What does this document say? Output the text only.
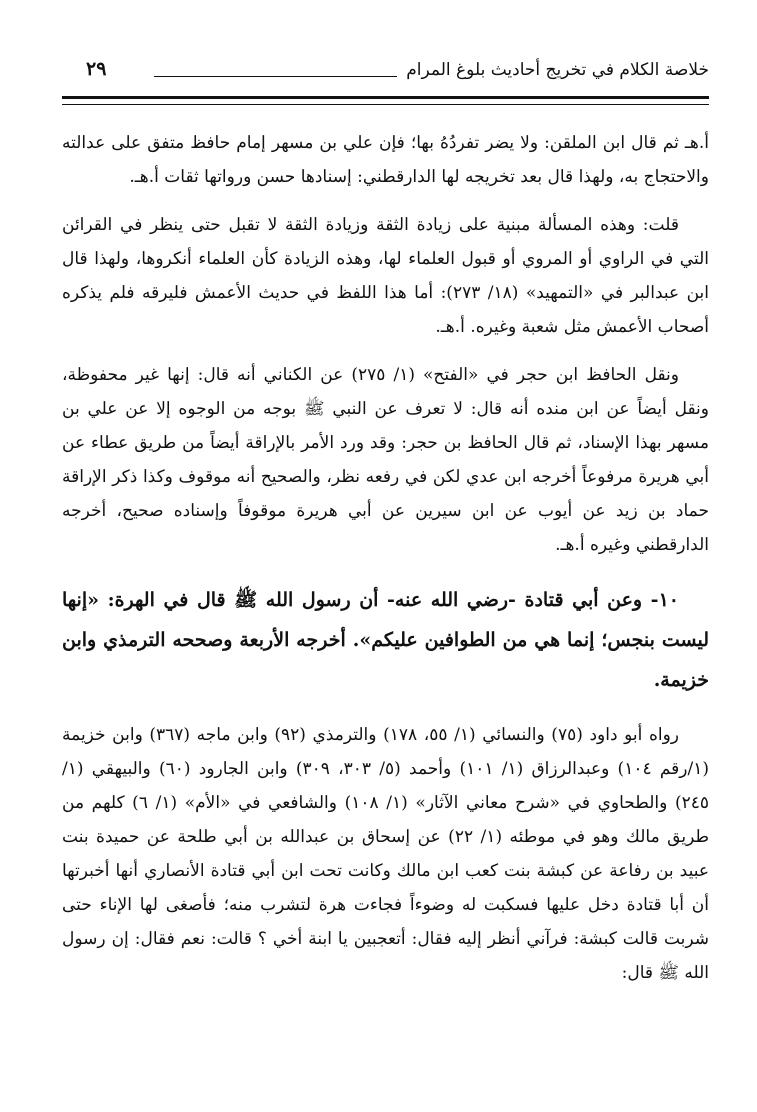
خلاصة الكلام في تخريج أحاديث بلوغ المرام
٢٩

أ.هـ ثم قال ابن الملقن: ولا يضر تفردُهُ بها؛ فإن علي بن مسهر إمام حافظ متفق على عدالته والاحتجاج به، ولهذا قال بعد تخريجه لها الدارقطني: إسنادها حسن ورواتها ثقات أ.هـ.

قلت: وهذه المسألة مبنية على زيادة الثقة وزيادة الثقة لا تقبل حتى ينظر في القرائن التي في الراوي أو المروي أو قبول العلماء لها، وهذه الزيادة كأن العلماء أنكروها، ولهذا قال ابن عبدالبر في «التمهيد» (١٨/ ٢٧٣): أما هذا اللفظ في حديث الأعمش فليرقه فلم يذكره أصحاب الأعمش مثل شعبة وغيره. أ.هـ.

ونقل الحافظ ابن حجر في «الفتح» (١/ ٢٧٥) عن الكناني أنه قال: إنها غير محفوظة، ونقل أيضاً عن ابن منده أنه قال: لا تعرف عن النبي ﷺ بوجه من الوجوه إلا عن علي بن مسهر بهذا الإسناد، ثم قال الحافظ بن حجر: وقد ورد الأمر بالإراقة أيضاً من طريق عطاء عن أبي هريرة مرفوعاً أخرجه ابن عدي لكن في رفعه نظر، والصحيح أنه موقوف وكذا ذكر الإراقة حماد بن زيد عن أيوب عن ابن سيرين عن أبي هريرة موقوفاً وإسناده صحيح، أخرجه الدارقطني وغيره أ.هـ.

١٠- وعن أبي قتادة -رضي الله عنه- أن رسول الله ﷺ قال في الهرة: «إنها ليست بنجس؛ إنما هي من الطوافين عليكم». أخرجه الأربعة وصححه الترمذي وابن خزيمة.

رواه أبو داود (٧٥) والنسائي (١/ ٥٥، ١٧٨) والترمذي (٩٢) وابن ماجه (٣٦٧) وابن خزيمة (١/رقم ١٠٤) وعبدالرزاق (١/ ١٠١) وأحمد (٥/ ٣٠٣، ٣٠٩) وابن الجارود (٦٠) والبيهقي (١/ ٢٤٥) والطحاوي في «شرح معاني الآثار» (١/ ١٠٨) والشافعي في «الأم» (١/ ٦) كلهم من طريق مالك وهو في موطئه (١/ ٢٢) عن إسحاق بن عبدالله بن أبي طلحة عن حميدة بنت عبيد بن رفاعة عن كبشة بنت كعب ابن مالك وكانت تحت ابن أبي قتادة الأنصاري أنها أخبرتها أن أبا قتادة دخل عليها فسكبت له وضوءاً فجاءت هرة لتشرب منه؛ فأصغى لها الإناء حتى شربت قالت كبشة: فرآني أنظر إليه فقال: أتعجبين يا ابنة أخي ؟ قالت: نعم فقال: إن رسول الله ﷺ قال:
